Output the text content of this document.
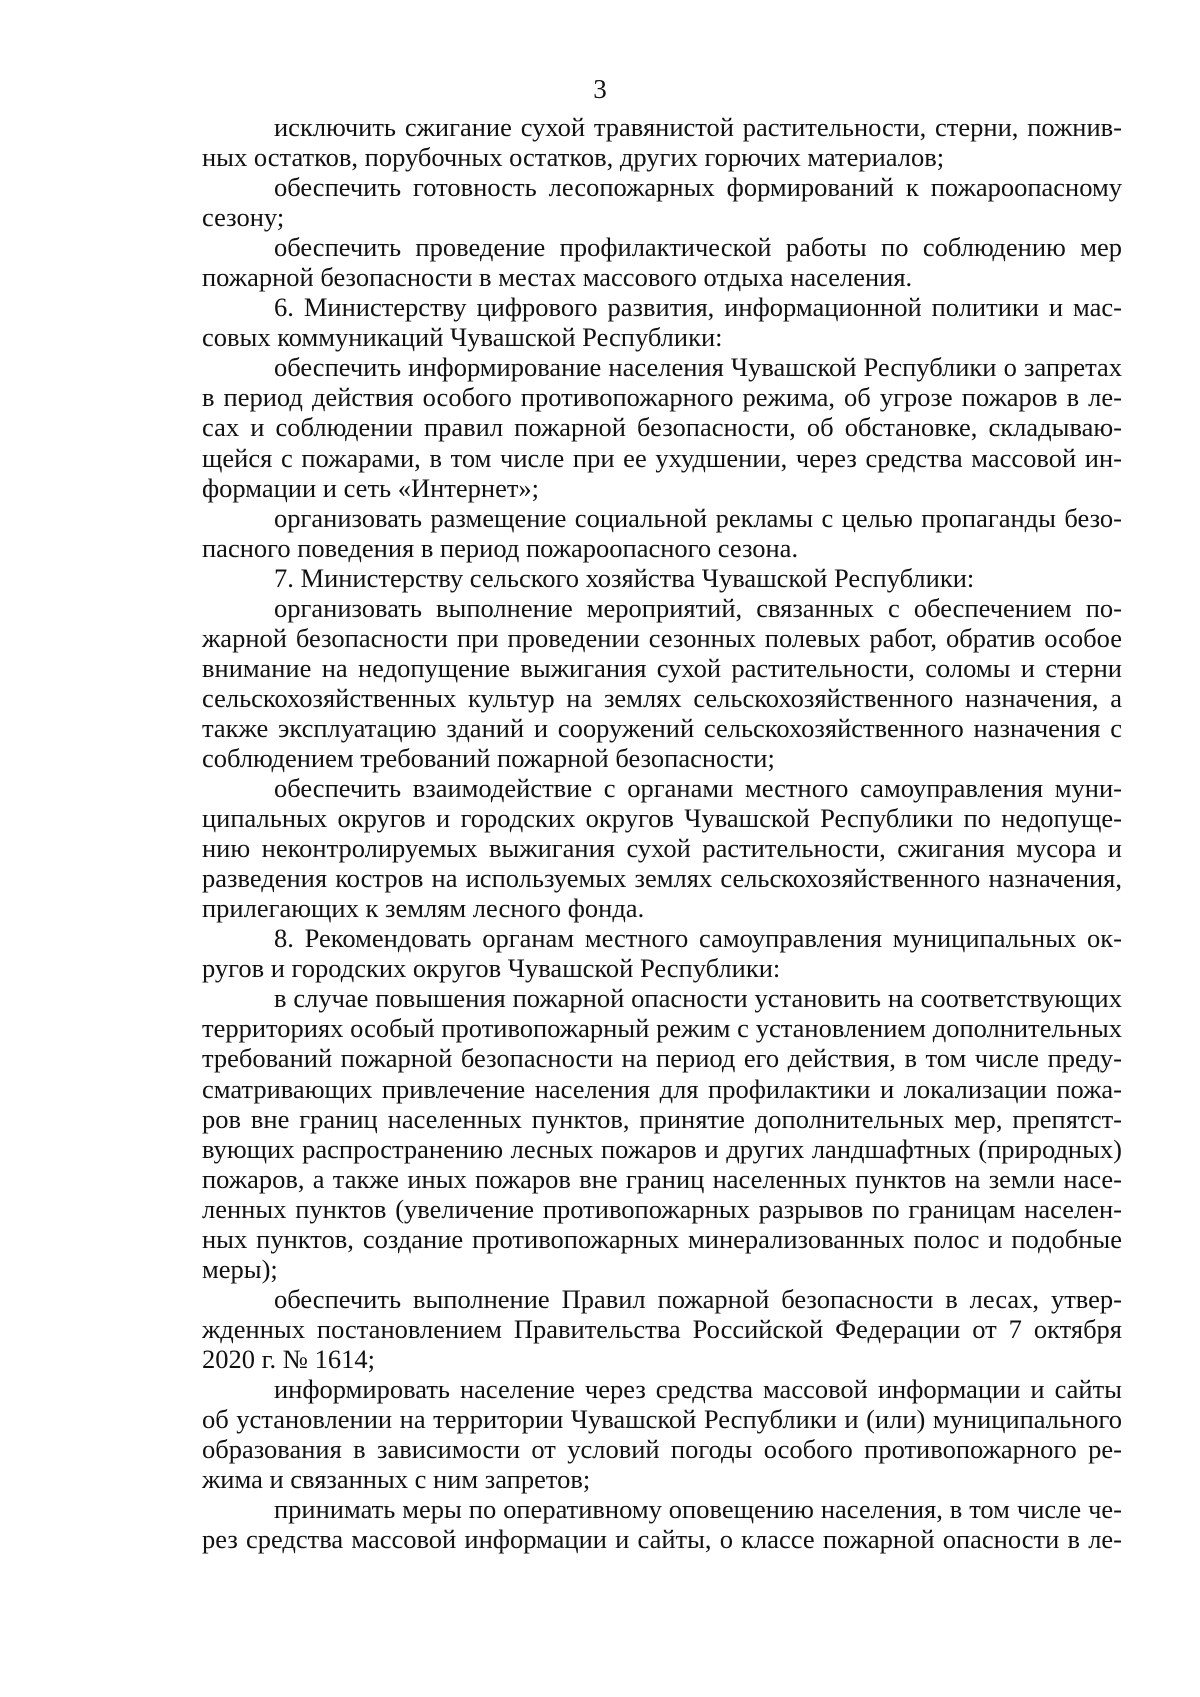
3
исключить сжигание сухой травянистой растительности, стерни, пожнив-
ных остатков, порубочных остатков, других горючих материалов;
обеспечить готовность лесопожарных формирований к пожароопасному
сезону;
обеспечить проведение профилактической работы по соблюдению мер
пожарной безопасности в местах массового отдыха населения.
6. Министерству цифрового развития, информационной политики и мас-
совых коммуникаций Чувашской Республики:
обеспечить информирование населения Чувашской Республики о запретах
в период действия особого противопожарного режима, об угрозе пожаров в ле-
сах и соблюдении правил пожарной безопасности, об обстановке, складываю-
щейся с пожарами, в том числе при ее ухудшении, через средства массовой ин-
формации и сеть «Интернет»;
организовать размещение социальной рекламы с целью пропаганды безо-
пасного поведения в период пожароопасного сезона.
7. Министерству сельского хозяйства Чувашской Республики:
организовать выполнение мероприятий, связанных с обеспечением по-
жарной безопасности при проведении сезонных полевых работ, обратив особое
внимание на недопущение выжигания сухой растительности, соломы и стерни
сельскохозяйственных культур на землях сельскохозяйственного назначения, а
также эксплуатацию зданий и сооружений сельскохозяйственного назначения с
соблюдением требований пожарной безопасности;
обеспечить взаимодействие с органами местного самоуправления муни-
ципальных округов и городских округов Чувашской Республики по недопуще-
нию неконтролируемых выжигания сухой растительности, сжигания мусора и
разведения костров на используемых землях сельскохозяйственного назначения,
прилегающих к землям лесного фонда.
8. Рекомендовать органам местного самоуправления муниципальных ок-
ругов и городских округов Чувашской Республики:
в случае повышения пожарной опасности установить на соответствующих
территориях особый противопожарный режим с установлением дополнительных
требований пожарной безопасности на период его действия, в том числе преду-
сматривающих привлечение населения для профилактики и локализации пожа-
ров вне границ населенных пунктов, принятие дополнительных мер, препятст-
вующих распространению лесных пожаров и других ландшафтных (природных)
пожаров, а также иных пожаров вне границ населенных пунктов на земли насе-
ленных пунктов (увеличение противопожарных разрывов по границам населен-
ных пунктов, создание противопожарных минерализованных полос и подобные
меры);
обеспечить выполнение Правил пожарной безопасности в лесах, утвер-
жденных постановлением Правительства Российской Федерации от 7 октября
2020 г. № 1614;
информировать население через средства массовой информации и сайты
об установлении на территории Чувашской Республики и (или) муниципального
образования в зависимости от условий погоды особого противопожарного ре-
жима и связанных с ним запретов;
принимать меры по оперативному оповещению населения, в том числе че-
рез средства массовой информации и сайты, о классе пожарной опасности в ле-
